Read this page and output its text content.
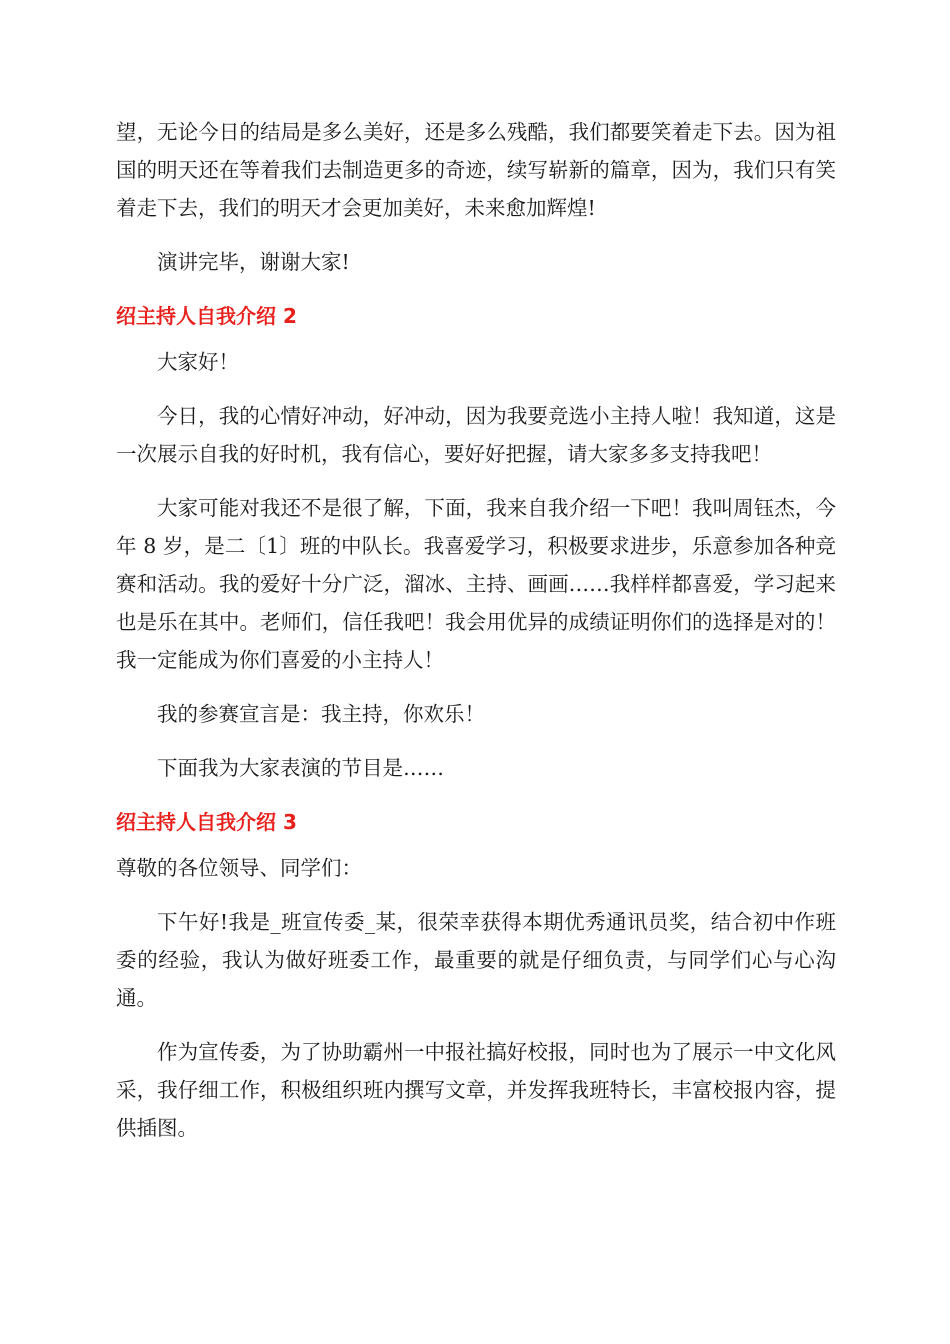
望，无论今日的结局是多么美好，还是多么残酷，我们都要笑着走下去。因为祖国的明天还在等着我们去制造更多的奇迹，续写崭新的篇章，因为，我们只有笑着走下去，我们的明天才会更加美好，未来愈加辉煌!

演讲完毕，谢谢大家!

绍主持人自我介绍 2

大家好！

今日，我的心情好冲动，好冲动，因为我要竞选小主持人啦！我知道，这是一次展示自我的好时机，我有信心，要好好把握，请大家多多支持我吧！

大家可能对我还不是很了解，下面，我来自我介绍一下吧！我叫周钰杰，今年 8 岁，是二〔1〕班的中队长。我喜爱学习，积极要求进步，乐意参加各种竞赛和活动。我的爱好十分广泛，溜冰、主持、画画……我样样都喜爱，学习起来也是乐在其中。老师们，信任我吧！我会用优异的成绩证明你们的选择是对的！我一定能成为你们喜爱的小主持人！

我的参赛宣言是：我主持，你欢乐！

下面我为大家表演的节目是……

绍主持人自我介绍 3

尊敬的各位领导、同学们：

下午好!我是_班宣传委_某，很荣幸获得本期优秀通讯员奖，结合初中作班委的经验，我认为做好班委工作，最重要的就是仔细负责，与同学们心与心沟通。

作为宣传委，为了协助霸州一中报社搞好校报，同时也为了展示一中文化风采，我仔细工作，积极组织班内撰写文章，并发挥我班特长，丰富校报内容，提供插图。
